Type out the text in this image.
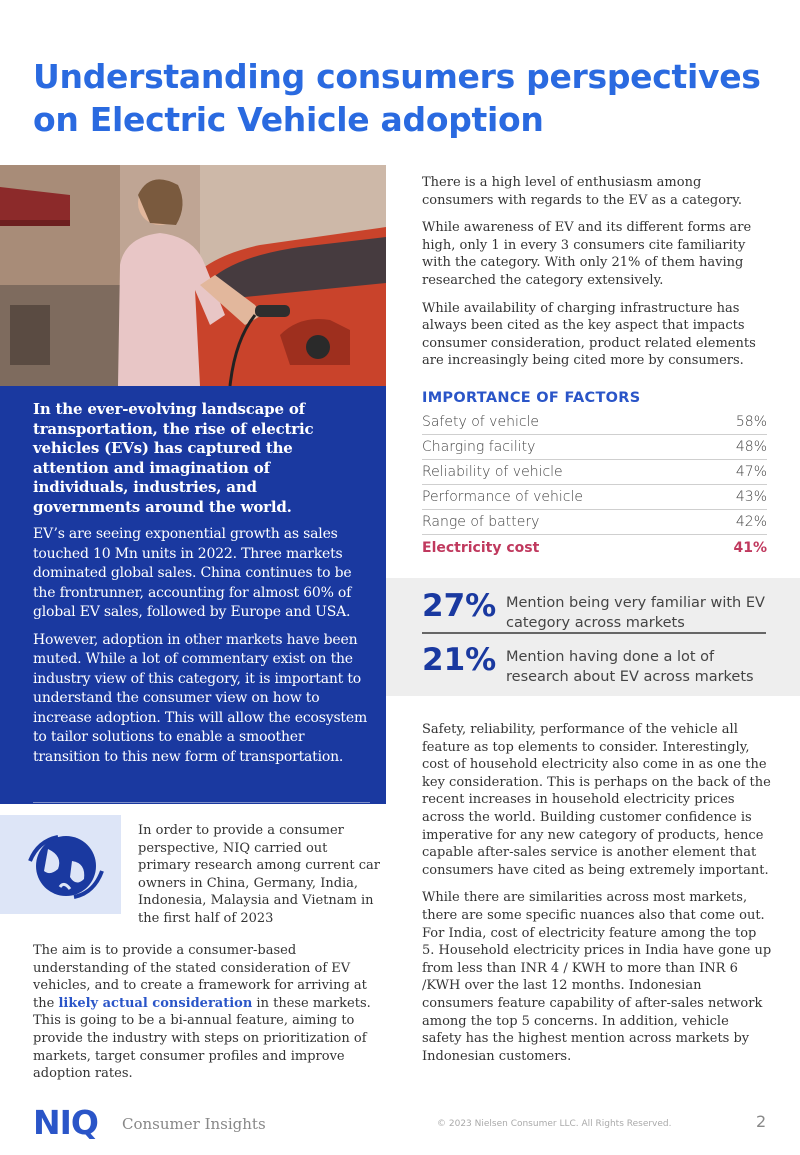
Understanding consumers perspectives
on Electric Vehicle adoption

In the ever-evolving landscape of transportation, the rise of electric vehicles (EVs) has captured the attention and imagination of individuals, industries, and governments around the world.

EV’s are seeing exponential growth as sales touched 10 Mn units in 2022. Three markets dominated global sales. China continues to be the frontrunner, accounting for almost 60% of global EV sales, followed by Europe and USA.

However, adoption in other markets have been muted. While a lot of commentary exist on the industry view of this category, it is important to understand the consumer view on how to increase adoption. This will allow the ecosystem to tailor solutions to enable a smoother transition to this new form of transportation.

In order to provide a consumer perspective, NIQ carried out primary research among current car owners in China, Germany, India, Indonesia, Malaysia and Vietnam in the first half of 2023

The aim is to provide a consumer-based understanding of the stated consideration of EV vehicles, and to create a framework for arriving at the likely actual consideration in these markets. This is going to be a bi-annual feature, aiming to provide the industry with steps on prioritization of markets, target consumer profiles and improve adoption rates.

There is a high level of enthusiasm among consumers with regards to the EV as a category.

While awareness of EV and its different forms are high, only 1 in every 3 consumers cite familiarity with the category. With only 21% of them having researched the category extensively.

While availability of charging infrastructure has always been cited as the key aspect that impacts consumer consideration, product related elements are increasingly being cited more by consumers.

IMPORTANCE OF FACTORS
Safety of vehicle	58%
Charging facility	48%
Reliability of vehicle	47%
Performance of vehicle	43%
Range of battery	42%
Electricity cost	41%
27% Mention being very familiar with EV category across markets
21% Mention having done a lot of research about EV across markets

Safety, reliability, performance of the vehicle all feature as top elements to consider. Interestingly, cost of household electricity also come in as one the key consideration. This is perhaps on the back of the recent increases in household electricity prices across the world. Building customer confidence is imperative for any new category of products, hence capable after-sales service is another element that consumers have cited as being extremely important.

While there are similarities across most markets, there are some specific nuances also that come out. For India, cost of electricity feature among the top 5. Household electricity prices in India have gone up from less than INR 4 / KWH to more than INR 6 /KWH over the last 12 months. Indonesian consumers feature capability of after-sales network among the top 5 concerns. In addition, vehicle safety has the highest mention across markets by Indonesian customers.

NIQ Consumer Insights	© 2023 Nielsen Consumer LLC. All Rights Reserved.	2
